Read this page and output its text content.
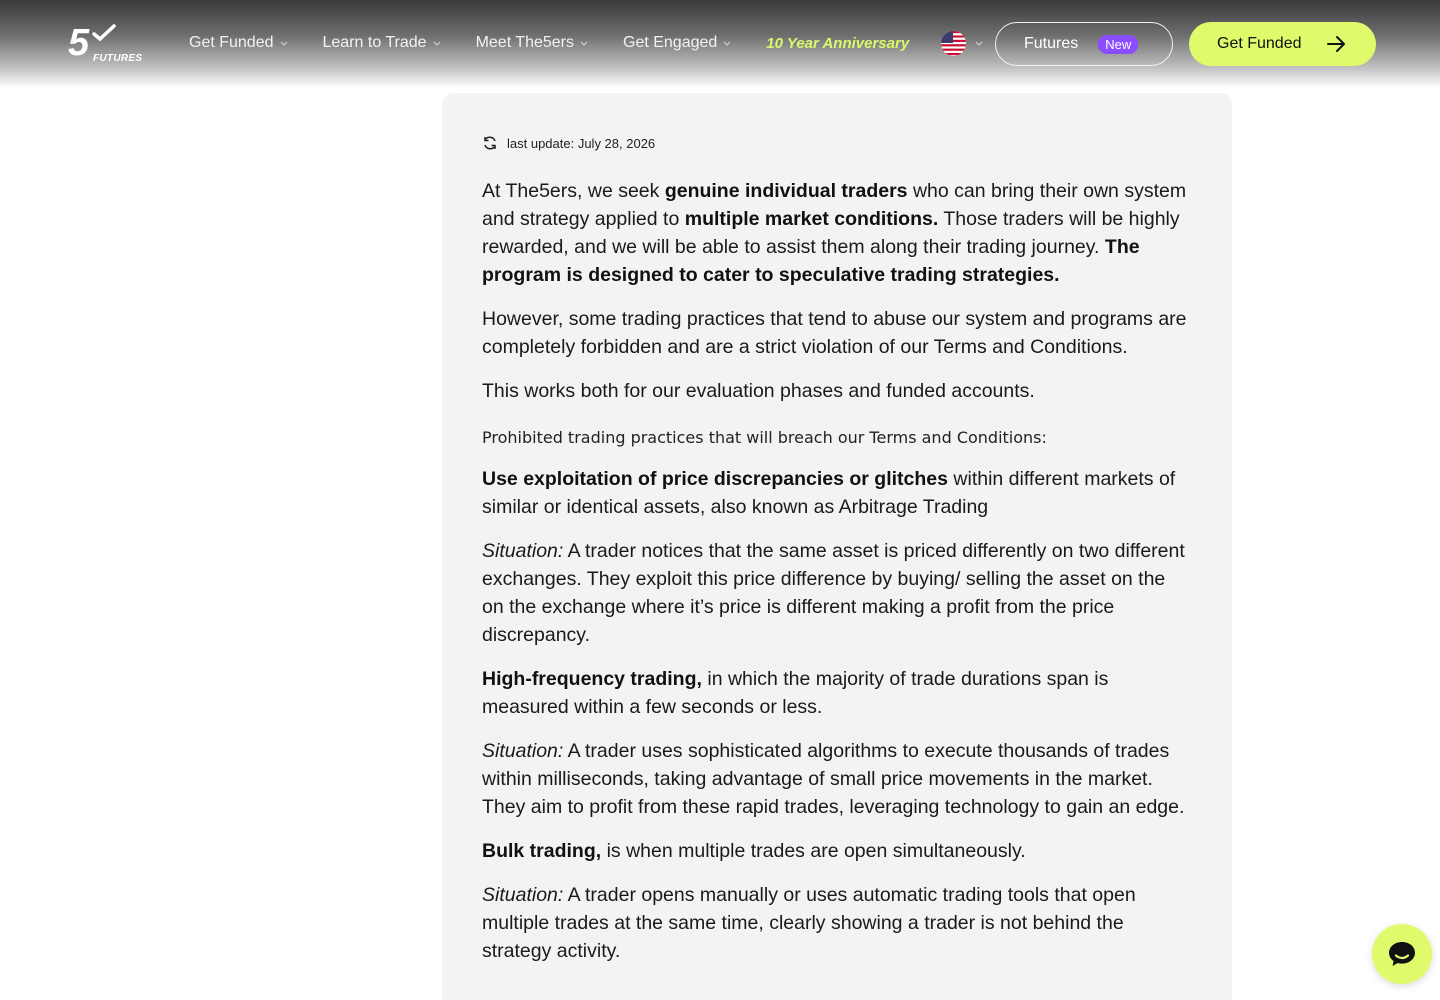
5 FUTURES
Get Funded	Learn to Trade	Meet The5ers	Get Engaged	10 Year Anniversary	Futures	New	Get Funded
last update: July 28, 2026

At The5ers, we seek genuine individual traders who can bring their own system and strategy applied to multiple market conditions. Those traders will be highly rewarded, and we will be able to assist them along their trading journey. The program is designed to cater to speculative trading strategies.

However, some trading practices that tend to abuse our system and programs are completely forbidden and are a strict violation of our Terms and Conditions.

This works both for our evaluation phases and funded accounts.

Prohibited trading practices that will breach our Terms and Conditions:

Use exploitation of price discrepancies or glitches within different markets of similar or identical assets, also known as Arbitrage Trading

Situation: A trader notices that the same asset is priced differently on two different exchanges. They exploit this price difference by buying/ selling the asset on the on the exchange where it’s price is different making a profit from the price discrepancy.

High-frequency trading, in which the majority of trade durations span is measured within a few seconds or less.

Situation: A trader uses sophisticated algorithms to execute thousands of trades within milliseconds, taking advantage of small price movements in the market. They aim to profit from these rapid trades, leveraging technology to gain an edge.

Bulk trading, is when multiple trades are open simultaneously.

Situation: A trader opens manually or uses automatic trading tools that open multiple trades at the same time, clearly showing a trader is not behind the strategy activity.
